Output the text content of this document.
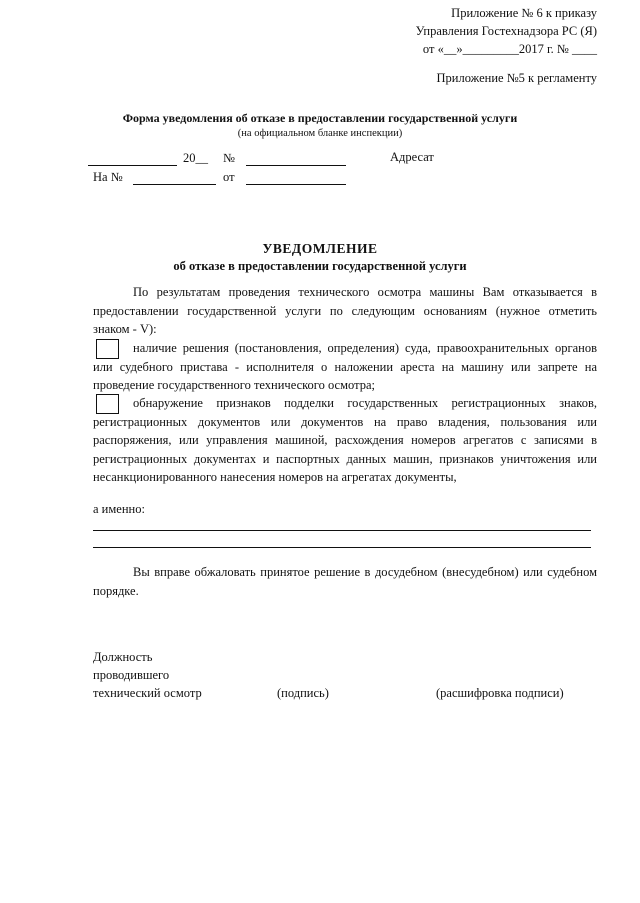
Приложение № 6 к приказу
Управления Гостехнадзора РС (Я)
от «__»_________2017 г. № ____
Приложение №5 к регламенту
Форма уведомления об отказе в предоставлении государственной услуги
(на официальном бланке инспекции)
20__ №	Адресат
На №	от
УВЕДОМЛЕНИЕ
об отказе в предоставлении государственной услуги
По результатам проведения технического осмотра машины Вам отказывается в предоставлении государственной услуги по следующим основаниям (нужное отметить знаком - V):
наличие решения (постановления, определения) суда, правоохранительных органов или судебного пристава - исполнителя о наложении ареста на машину или запрете на проведение государственного технического осмотра;
обнаружение признаков подделки государственных регистрационных знаков, регистрационных документов или документов на право владения, пользования или распоряжения, или управления машиной, расхождения номеров агрегатов с записями в регистрационных документах и паспортных данных машин, признаков уничтожения или несанкционированного нанесения номеров на агрегатах документы,
а именно:
Вы вправе обжаловать принятое решение в досудебном (внесудебном) или судебном порядке.
Должность
проводившего
технический осмотр	(подпись)	(расшифровка подписи)
